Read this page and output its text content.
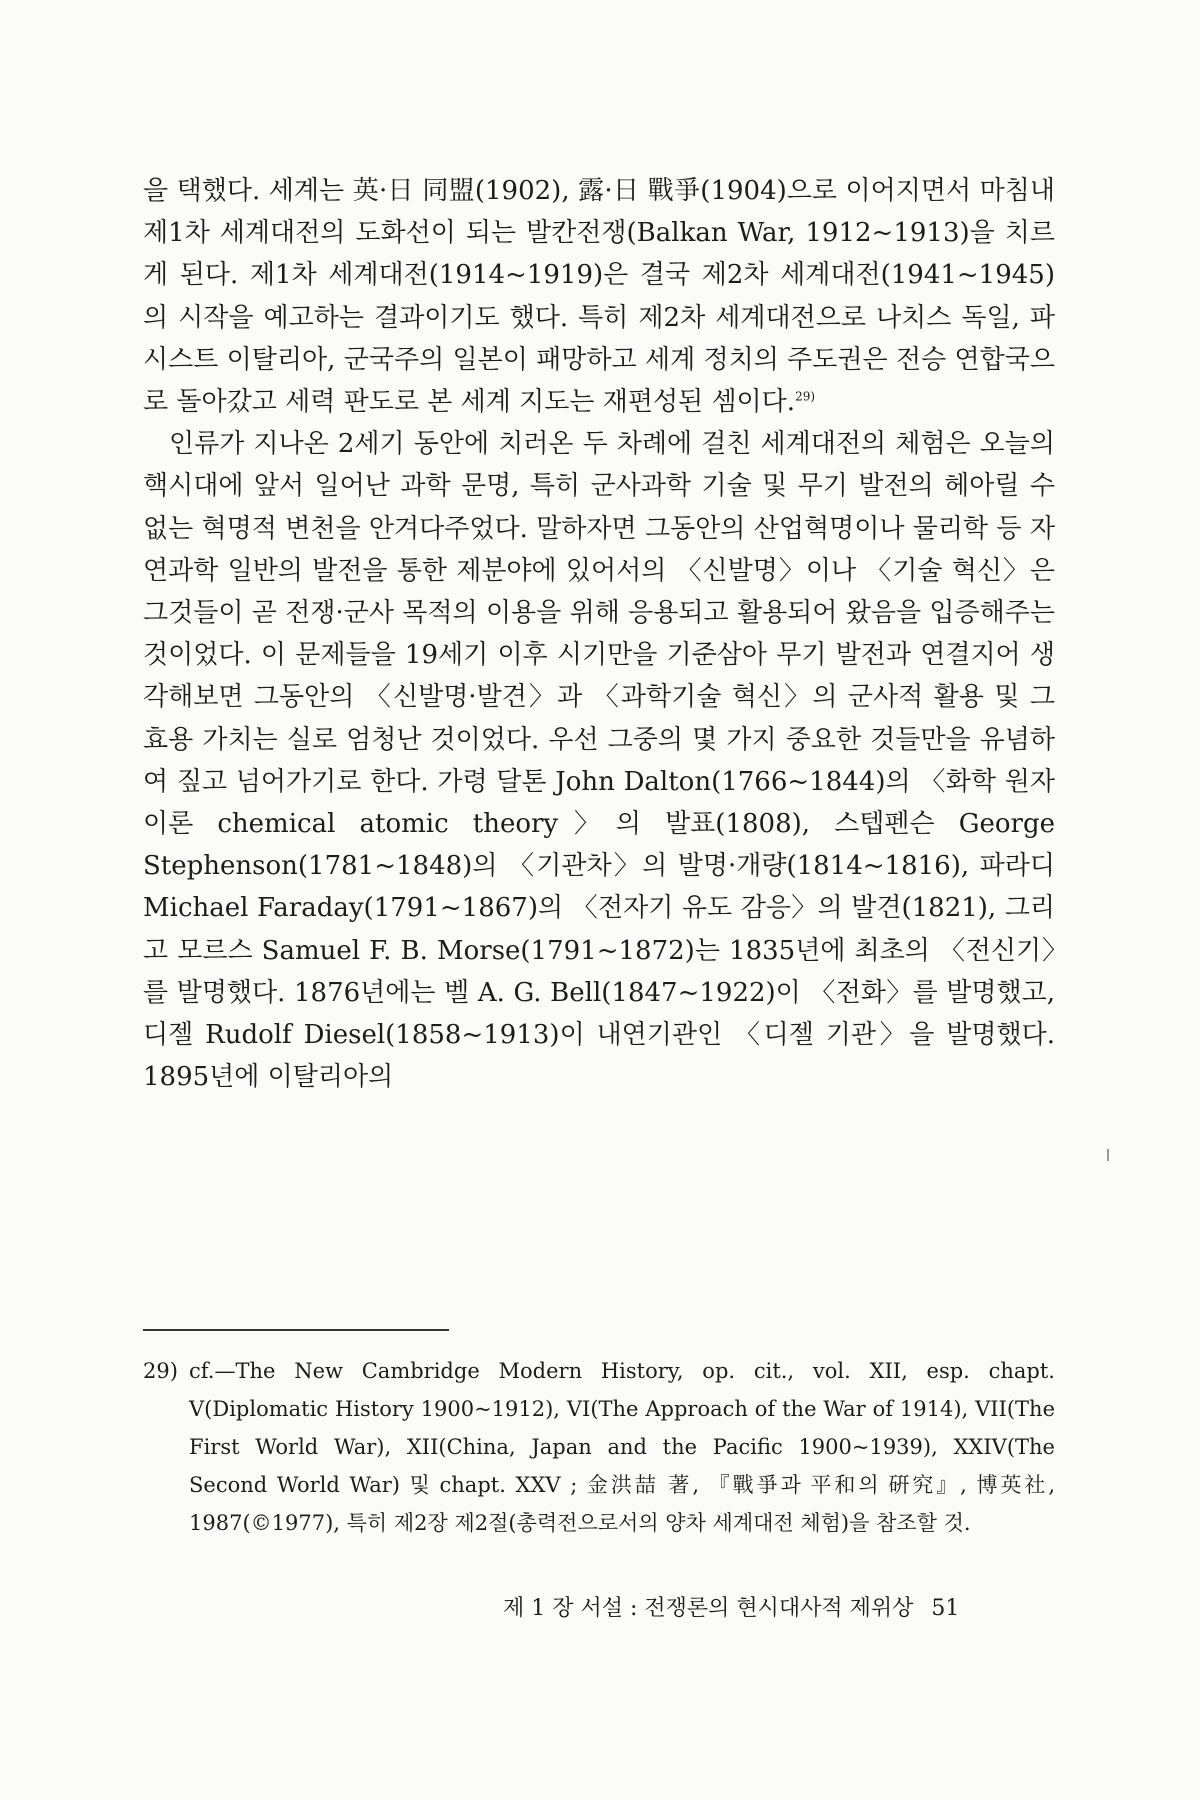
을 택했다. 세계는 英·日 同盟(1902), 露·日 戰爭(1904)으로 이어지면서 마침내 제1차 세계대전의 도화선이 되는 발칸전쟁(Balkan War, 1912~1913)을 치르게 된다. 제1차 세계대전(1914~1919)은 결국 제2차 세계대전(1941~1945)의 시작을 예고하는 결과이기도 했다. 특히 제2차 세계대전으로 나치스 독일, 파시스트 이탈리아, 군국주의 일본이 패망하고 세계 정치의 주도권은 전승 연합국으로 돌아갔고 세력 판도로 본 세계 지도는 재편성된 셈이다.$^{29)}$

인류가 지나온 2세기 동안에 치러온 두 차례에 걸친 세계대전의 체험은 오늘의 핵시대에 앞서 일어난 과학 문명, 특히 군사과학 기술 및 무기 발전의 헤아릴 수 없는 혁명적 변천을 안겨다주었다. 말하자면 그동안의 산업혁명이나 물리학 등 자연과학 일반의 발전을 통한 제분야에 있어서의 〈신발명〉이나 〈기술 혁신〉은 그것들이 곧 전쟁·군사 목적의 이용을 위해 응용되고 활용되어 왔음을 입증해주는 것이었다. 이 문제들을 19세기 이후 시기만을 기준삼아 무기 발전과 연결지어 생각해보면 그동안의 〈신발명·발견〉과 〈과학기술 혁신〉의 군사적 활용 및 그 효용 가치는 실로 엄청난 것이었다. 우선 그중의 몇 가지 중요한 것들만을 유념하여 짚고 넘어가기로 한다. 가령 달톤 John Dalton(1766~1844)의 〈화학 원자 이론 chemical atomic theory〉의 발표(1808), 스텝펜슨 George Stephenson(1781~1848)의 〈기관차〉의 발명·개량(1814~1816), 파라디 Michael Faraday(1791~1867)의 〈전자기 유도 감응〉의 발견(1821), 그리고 모르스 Samuel F. B. Morse(1791~1872)는 1835년에 최초의 〈전신기〉를 발명했다. 1876년에는 벨 A. G. Bell(1847~1922)이 〈전화〉를 발명했고, 디젤 Rudolf Diesel(1858~1913)이 내연기관인 〈디젤 기관〉을 발명했다. 1895년에 이탈리아의

29) cf.—The New Cambridge Modern History, op. cit., vol. XII, esp. chapt. V(Diplomatic History 1900~1912), VI(The Approach of the War of 1914), VII(The First World War), XII(China, Japan and the Pacific 1900~1939), XXIV(The Second World War) 및 chapt. XXV ; 金洪喆 著, 『戰爭과 平和의 硏究』, 博英社, 1987(©1977), 특히 제2장 제2절(총력전으로서의 양차 세계대전 체험)을 참조할 것.

제 1 장 서설 : 전쟁론의 현시대사적 제위상 51
